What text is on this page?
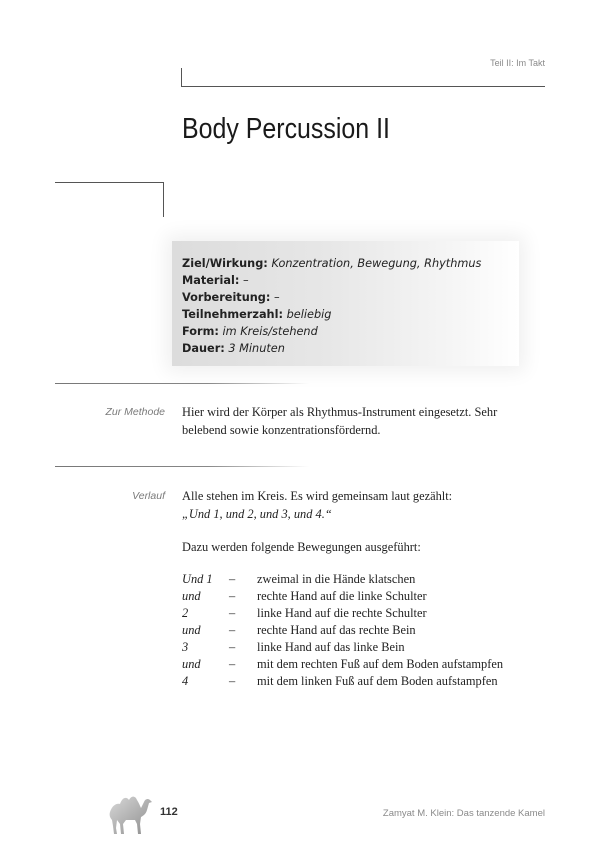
Teil II: Im Takt
Body Percussion II
Ziel/Wirkung: Konzentration, Bewegung, Rhythmus
Material: –
Vorbereitung: –
Teilnehmerzahl: beliebig
Form: im Kreis/stehend
Dauer: 3 Minuten
Zur Methode Hier wird der Körper als Rhythmus-Instrument eingesetzt. Sehr
belebend sowie konzentrationsfördernd.
Verlauf Alle stehen im Kreis. Es wird gemeinsam laut gezählt:
„Und 1, und 2, und 3, und 4.“
Dazu werden folgende Bewegungen ausgeführt:
Und 1 – zweimal in die Hände klatschen
und – rechte Hand auf die linke Schulter
2	– linke Hand auf die rechte Schulter
und – rechte Hand auf das rechte Bein
3	– linke Hand auf das linke Bein
und – mit dem rechten Fuß auf dem Boden aufstampfen
4	– mit dem linken Fuß auf dem Boden aufstampfen
112	Zamyat M. Klein: Das tanzende Kamel
